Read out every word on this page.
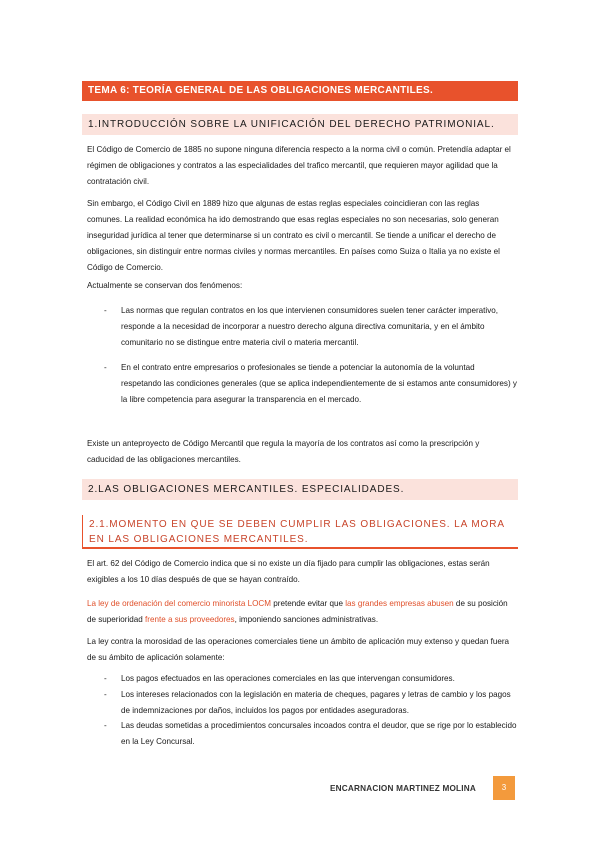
TEMA 6: TEORÍA GENERAL DE LAS OBLIGACIONES MERCANTILES.
1.INTRODUCCIÓN SOBRE LA UNIFICACIÓN DEL DERECHO PATRIMONIAL.
El Código de Comercio de 1885 no supone ninguna diferencia respecto a la norma civil o común. Pretendía adaptar el régimen de obligaciones y contratos a las especialidades del trafico mercantil, que requieren mayor agilidad que la contratación civil.
Sin embargo, el Código Civil en 1889 hizo que algunas de estas reglas especiales coincidieran con las reglas comunes. La realidad económica ha ido demostrando que esas reglas especiales no son necesarias, solo generan inseguridad jurídica al tener que determinarse si un contrato es civil o mercantil. Se tiende a unificar el derecho de obligaciones, sin distinguir entre normas civiles y normas mercantiles. En países como Suiza o Italia ya no existe el Código de Comercio.
Actualmente se conservan dos fenómenos:
-	Las normas que regulan contratos en los que intervienen consumidores suelen tener carácter imperativo, responde a la necesidad de incorporar a nuestro derecho alguna directiva comunitaria, y en el ámbito comunitario no se distingue entre materia civil o materia mercantil.
-	En el contrato entre empresarios o profesionales se tiende a potenciar la autonomía de la voluntad respetando las condiciones generales (que se aplica independientemente de si estamos ante consumidores) y la libre competencia para asegurar la transparencia en el mercado.
Existe un anteproyecto de Código Mercantil que regula la mayoría de los contratos así como la prescripción y caducidad de las obligaciones mercantiles.
2.LAS OBLIGACIONES MERCANTILES. ESPECIALIDADES.
2.1.MOMENTO EN QUE SE DEBEN CUMPLIR LAS OBLIGACIONES. LA MORA EN LAS OBLIGACIONES MERCANTILES.
El art. 62 del Código de Comercio indica que si no existe un día fijado para cumplir las obligaciones, estas serán exigibles a los 10 días después de que se hayan contraído.
La ley de ordenación del comercio minorista LOCM pretende evitar que las grandes empresas abusen de su posición de superioridad frente a sus proveedores, imponiendo sanciones administrativas.
La ley contra la morosidad de las operaciones comerciales tiene un ámbito de aplicación muy extenso y quedan fuera de su ámbito de aplicación solamente:
-	Los pagos efectuados en las operaciones comerciales en las que intervengan consumidores.
-	Los intereses relacionados con la legislación en materia de cheques, pagares y letras de cambio y los pagos de indemnizaciones por daños, incluidos los pagos por entidades aseguradoras.
-	Las deudas sometidas a procedimientos concursales incoados contra el deudor, que se rige por lo establecido en la Ley Concursal.
ENCARNACION MARTINEZ MOLINA	3
